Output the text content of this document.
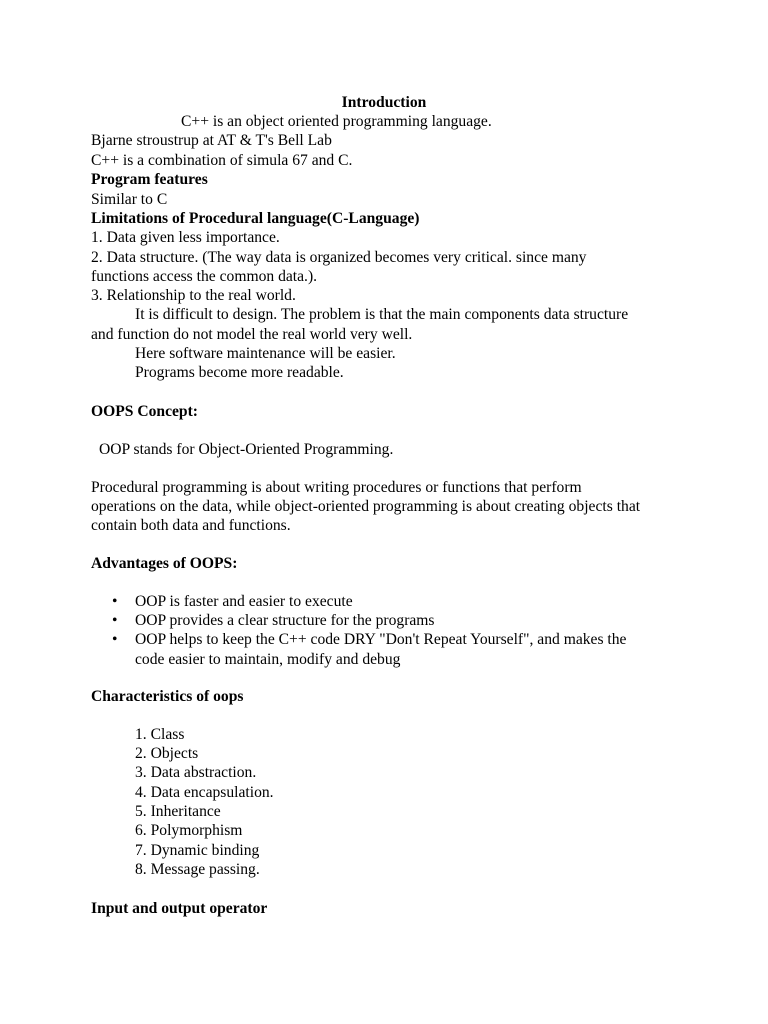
Introduction
C++ is an object oriented programming language.
Bjarne stroustrup at AT & T's Bell Lab
C++ is a combination of simula 67 and C.
Program features
Similar to C
Limitations of Procedural language(C-Language)
1. Data given less importance.
2. Data structure. (The way data is organized becomes very critical. since many
functions access the common data.).
3. Relationship to the real world.
It is difficult to design. The problem is that the main components data structure
and function do not model the real world very well.
Here software maintenance will be easier.
Programs become more readable.
OOPS Concept:
OOP stands for Object-Oriented Programming.
Procedural programming is about writing procedures or functions that perform
operations on the data, while object-oriented programming is about creating objects that
contain both data and functions.
Advantages of OOPS:
• OOP is faster and easier to execute
• OOP provides a clear structure for the programs
• OOP helps to keep the C++ code DRY "Don't Repeat Yourself", and makes the
code easier to maintain, modify and debug
Characteristics of oops
1. Class
2. Objects
3. Data abstraction.
4. Data encapsulation.
5. Inheritance
6. Polymorphism
7. Dynamic binding
8. Message passing.
Input and output operator
